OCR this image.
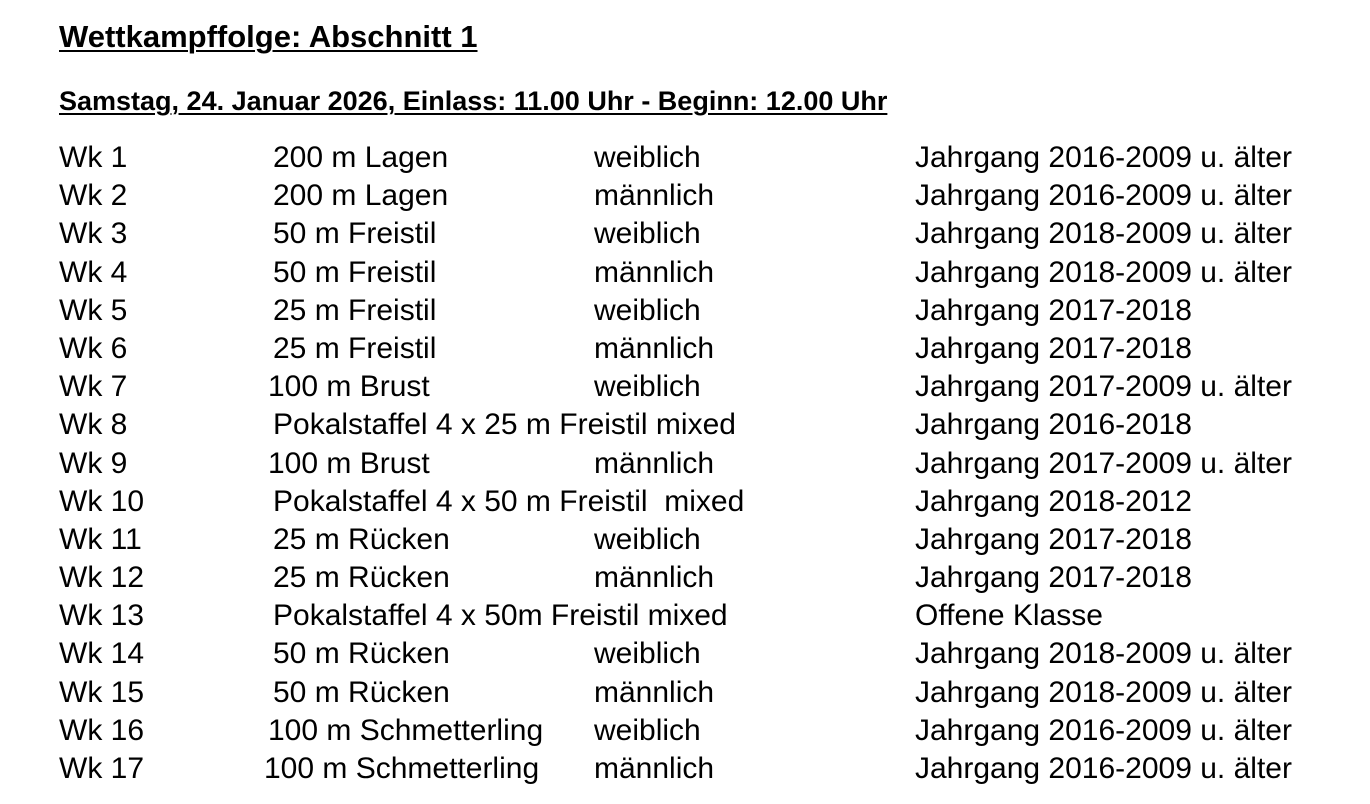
Wettkampffolge: Abschnitt 1
Samstag, 24. Januar 2026, Einlass: 11.00 Uhr - Beginn: 12.00 Uhr
Wk 1	200 m Lagen	weiblich	Jahrgang 2016-2009 u. älter
Wk 2	200 m Lagen	männlich	Jahrgang 2016-2009 u. älter
Wk 3	50 m Freistil	weiblich	Jahrgang 2018-2009 u. älter
Wk 4	50 m Freistil	männlich	Jahrgang 2018-2009 u. älter
Wk 5	25 m Freistil	weiblich	Jahrgang 2017-2018
Wk 6	25 m Freistil	männlich	Jahrgang 2017-2018
Wk 7	100 m Brust	weiblich	Jahrgang 2017-2009 u. älter
Wk 8	Pokalstaffel 4 x 25 m Freistil mixed	Jahrgang 2016-2018
Wk 9	100 m Brust	männlich	Jahrgang 2017-2009 u. älter
Wk 10	Pokalstaffel 4 x 50 m Freistil  mixed	Jahrgang 2018-2012
Wk 11	25 m Rücken	weiblich	Jahrgang 2017-2018
Wk 12	25 m Rücken	männlich	Jahrgang 2017-2018
Wk 13	Pokalstaffel 4 x 50m Freistil mixed	Offene Klasse
Wk 14	50 m Rücken	weiblich	Jahrgang 2018-2009 u. älter
Wk 15	50 m Rücken	männlich	Jahrgang 2018-2009 u. älter
Wk 16	100 m Schmetterling weiblich	Jahrgang 2016-2009 u. älter
Wk 17	100 m Schmetterling männlich	Jahrgang 2016-2009 u. älter
